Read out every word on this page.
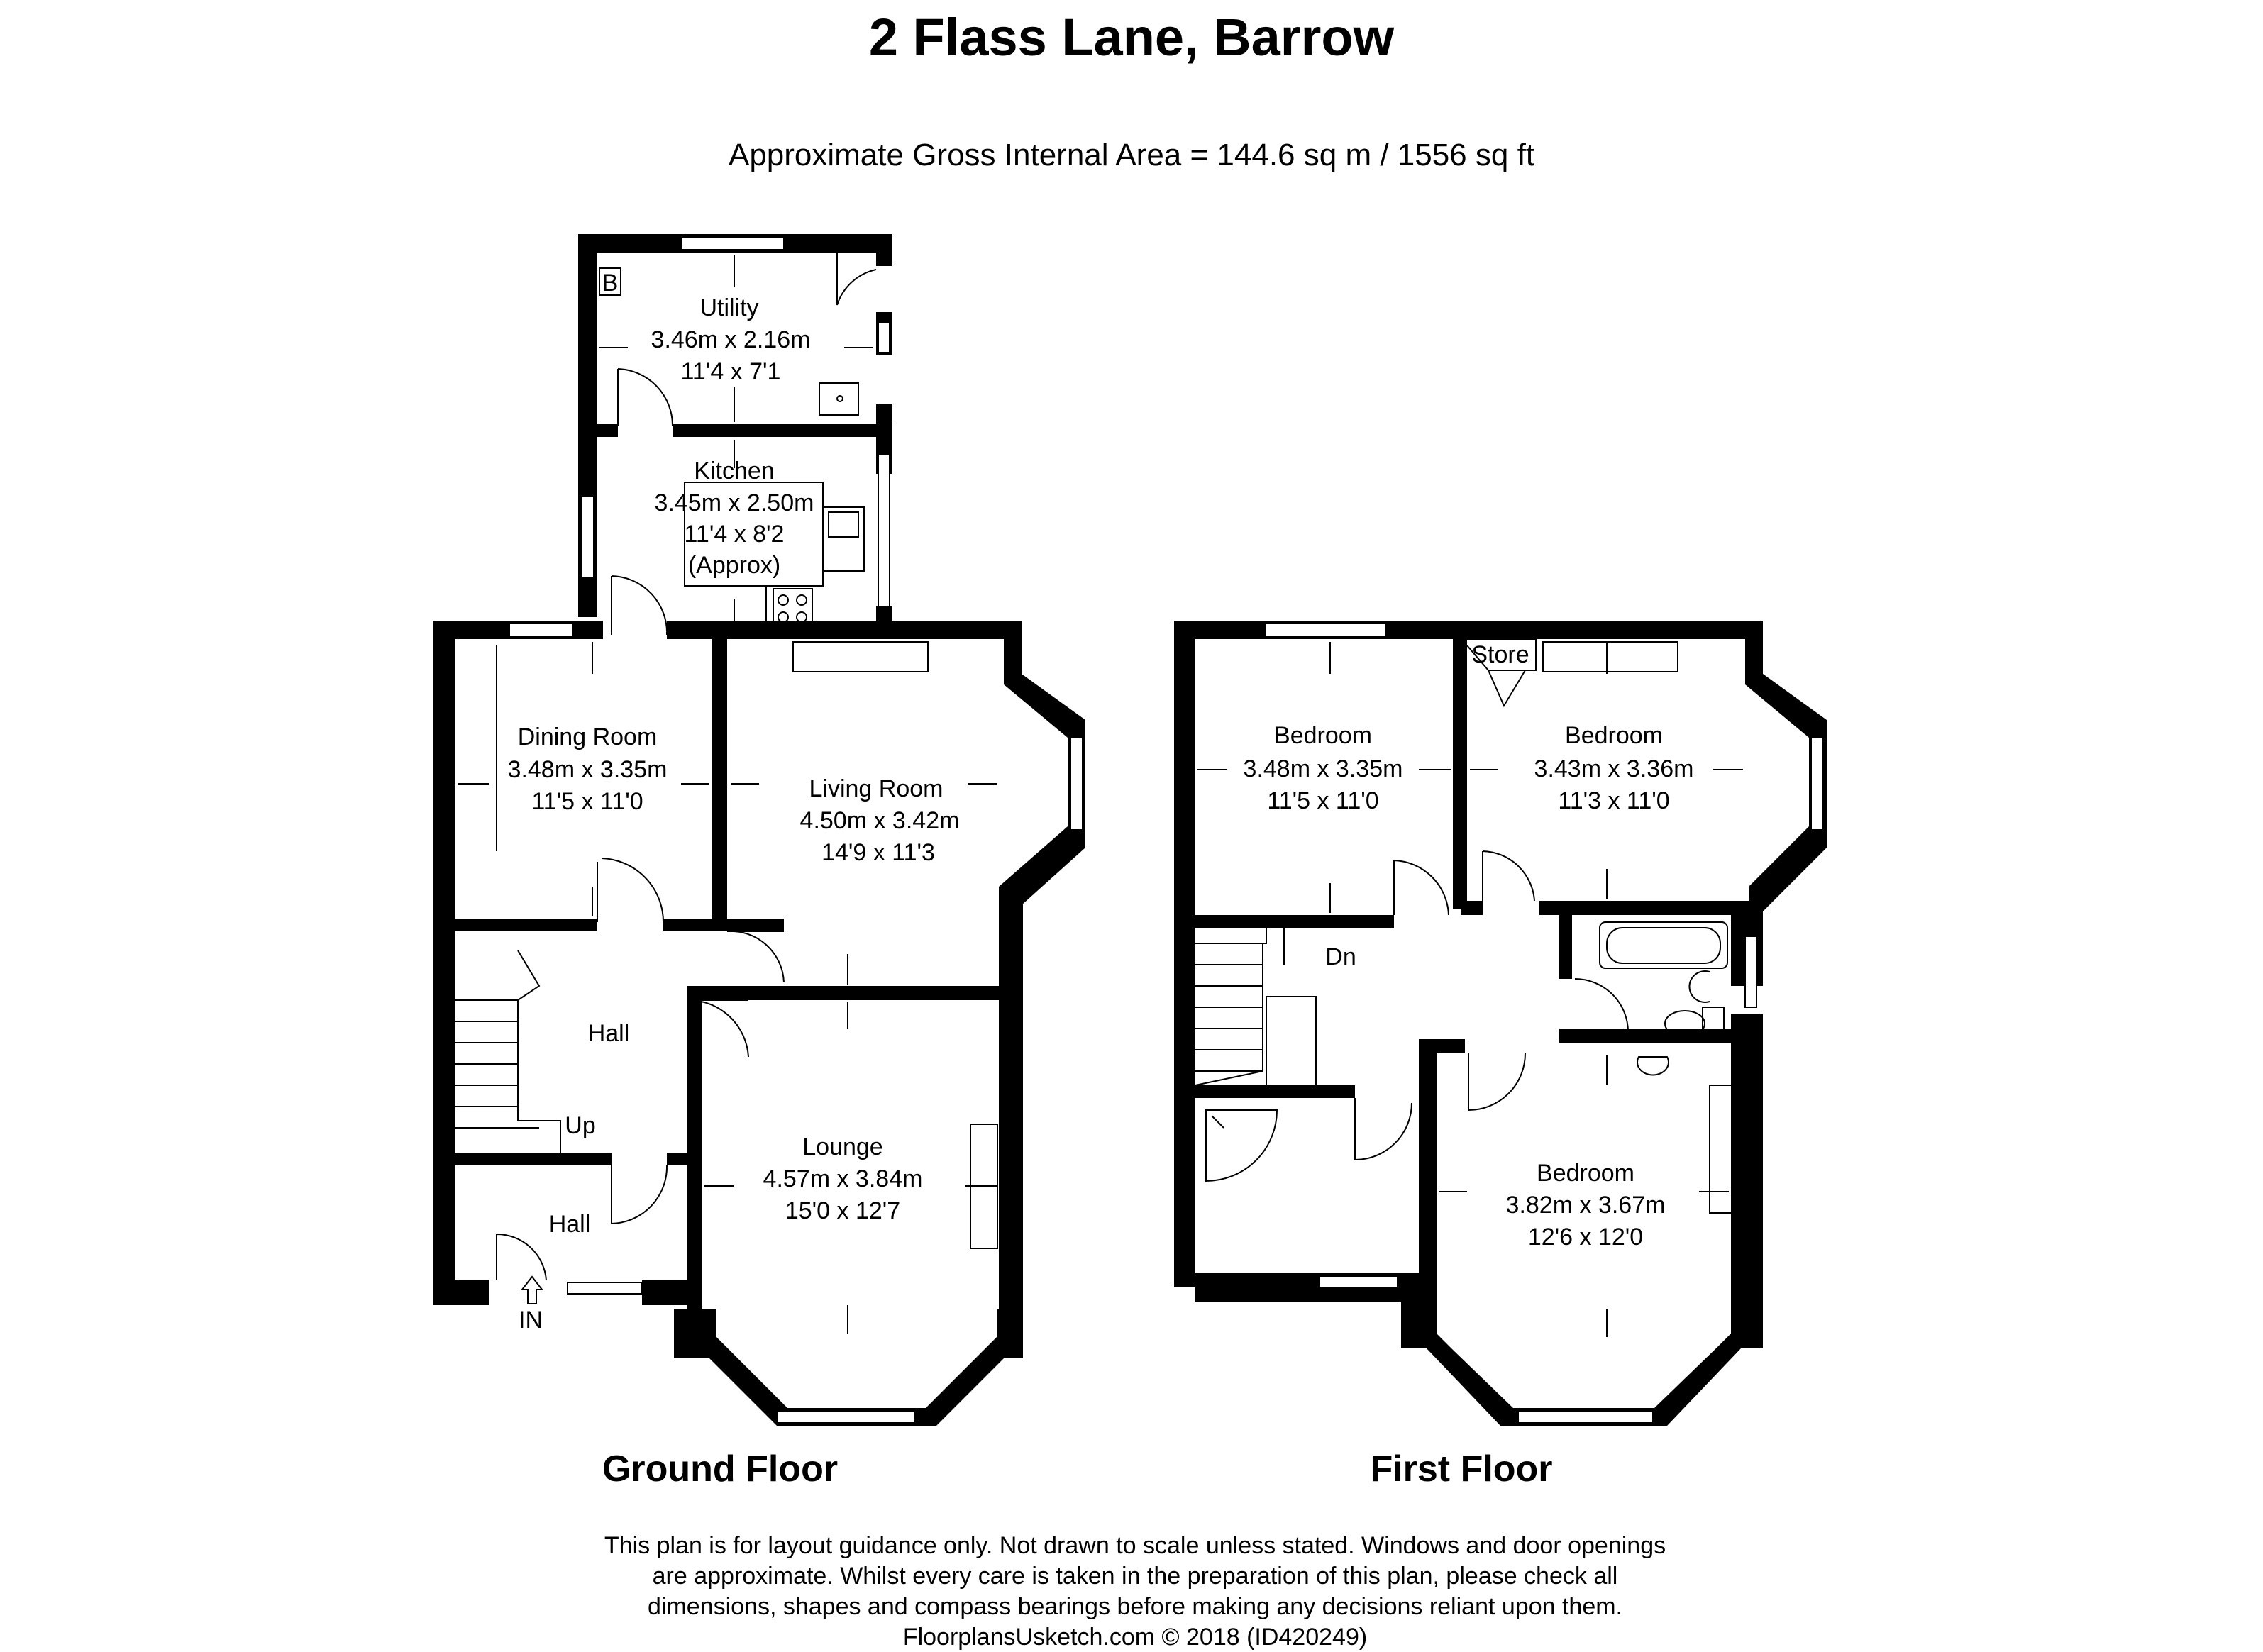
2 Flass Lane, Barrow
Approximate Gross Internal Area = 144.6 sq m / 1556 sq ft
B
Utility
3.46m x 2.16m
11'4 x 7'1
Kitchen
3.45m x 2.50m
11'4 x 8'2
(Approx)
Dining Room
3.48m x 3.35m
11'5 x 11'0	Living Room
4.50m x 3.42m
14'9 x 11'3
Hall
Up
Hall
IN
Lounge
4.57m x 3.84m
15'0 x 12'7
Store
Bedroom
3.48m x 3.35m
11'5 x 11'0
Bedroom
3.43m x 3.36m
11'3 x 11'0
Dn
Bedroom
3.82m x 3.67m
12'6 x 12'0
Ground Floor	First Floor
This plan is for layout guidance only. Not drawn to scale unless stated. Windows and door openings
are approximate. Whilst every care is taken in the preparation of this plan, please check all
dimensions, shapes and compass bearings before making any decisions reliant upon them.
FloorplansUsketch.com © 2018 (ID420249)
